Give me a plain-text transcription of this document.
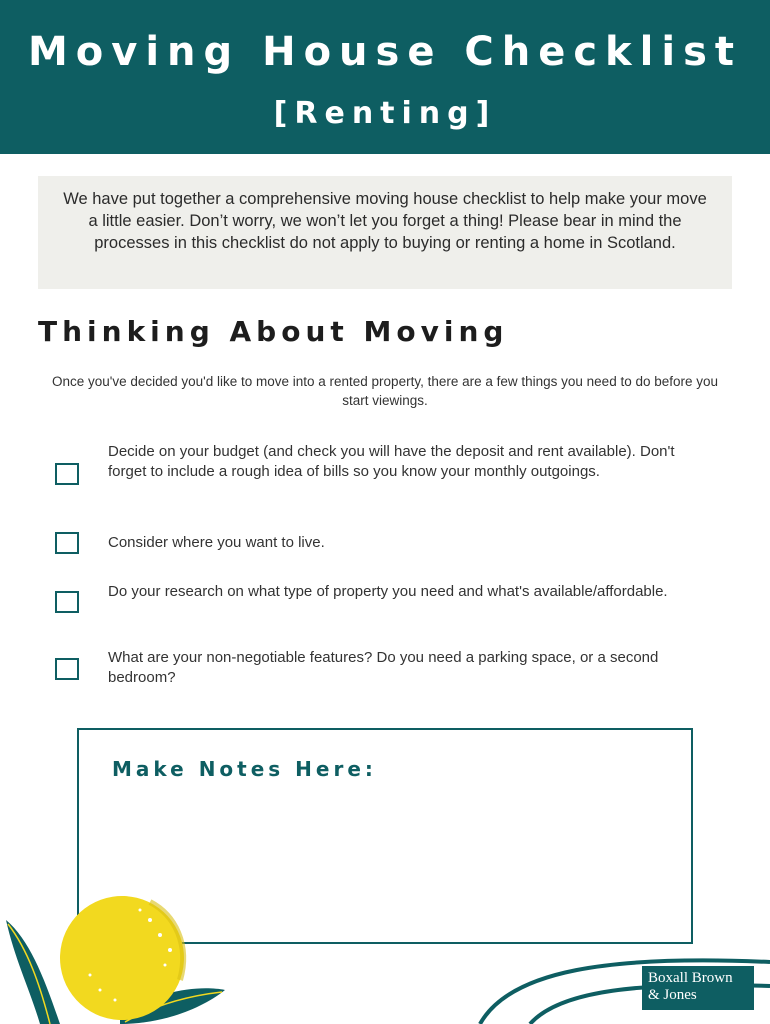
Moving House Checklist
[Renting]

We have put together a comprehensive moving house checklist to help make your move a little easier. Don’t worry, we won’t let you forget a thing! Please bear in mind the processes in this checklist do not apply to buying or renting a home in Scotland.

Thinking About Moving
Once you've decided you'd like to move into a rented property, there are a few things you need to do before you start viewings.
Decide on your budget (and check you will have the deposit and rent available). Don't forget to include a rough idea of bills so you know your monthly outgoings.
Consider where you want to live.
Do your research on what type of property you need and what's available/affordable.
What are your non-negotiable features? Do you need a parking space, or a second bedroom?
Make Notes Here:
Boxall Brown
& Jones
